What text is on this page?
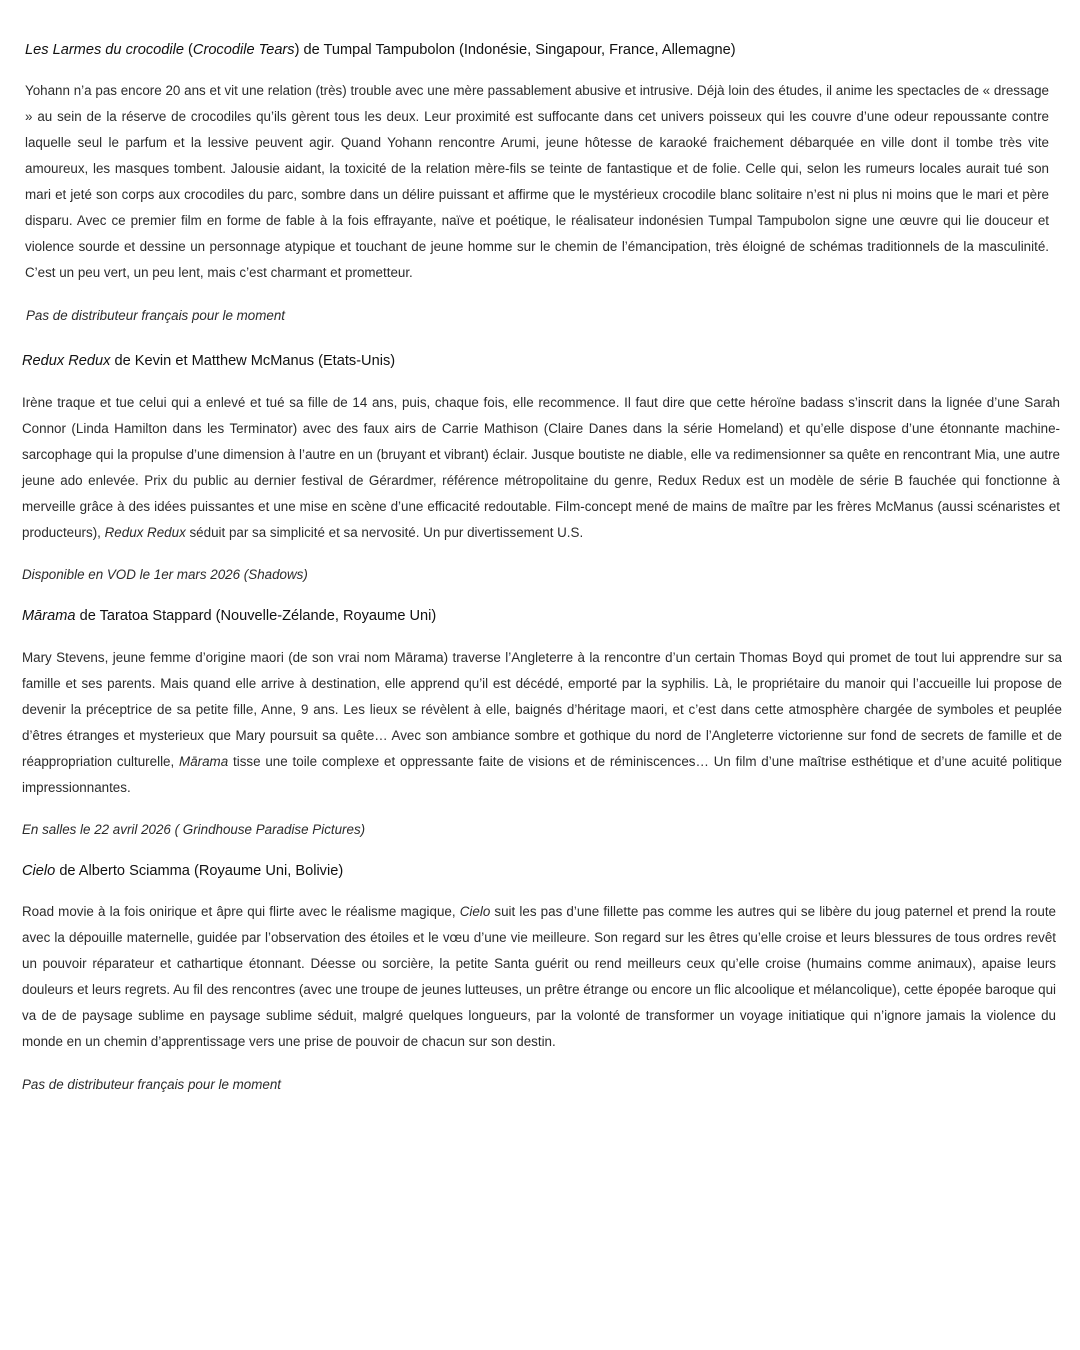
Les Larmes du crocodile (Crocodile Tears) de Tumpal Tampubolon (Indonésie, Singapour, France, Allemagne)

Yohann n’a pas encore 20 ans et vit une relation (très) trouble avec une mère passablement abusive et intrusive. Déjà loin des études, il anime les spectacles de « dressage » au sein de la réserve de crocodiles qu’ils gèrent tous les deux. Leur proximité est suffocante dans cet univers poisseux qui les couvre d’une odeur repoussante contre laquelle seul le parfum et la lessive peuvent agir. Quand Yohann rencontre Arumi, jeune hôtesse de karaoké fraichement débarquée en ville dont il tombe très vite amoureux, les masques tombent. Jalousie aidant, la toxicité de la relation mère-fils se teinte de fantastique et de folie. Celle qui, selon les rumeurs locales aurait tué son mari et jeté son corps aux crocodiles du parc, sombre dans un délire puissant et affirme que le mystérieux crocodile blanc solitaire n’est ni plus ni moins que le mari et père disparu. Avec ce premier film en forme de fable à la fois effrayante, naïve et poétique, le réalisateur indonésien Tumpal Tampubolon signe une œuvre qui lie douceur et violence sourde et dessine un personnage atypique et touchant de jeune homme sur le chemin de l’émancipation, très éloigné de schémas traditionnels de la masculinité. C’est un peu vert, un peu lent, mais c’est charmant et prometteur.

Pas de distributeur français pour le moment

Redux Redux de Kevin et Matthew McManus (Etats-Unis)

Irène traque et tue celui qui a enlevé et tué sa fille de 14 ans, puis, chaque fois, elle recommence. Il faut dire que cette héroïne badass s’inscrit dans la lignée d’une Sarah Connor (Linda Hamilton dans les Terminator) avec des faux airs de Carrie Mathison (Claire Danes dans la série Homeland) et qu’elle dispose d’une étonnante machine-sarcophage qui la propulse d’une dimension à l’autre en un (bruyant et vibrant) éclair. Jusque boutiste ne diable, elle va redimensionner sa quête en rencontrant Mia, une autre jeune ado enlevée. Prix du public au dernier festival de Gérardmer, référence métropolitaine du genre, Redux Redux est un modèle de série B fauchée qui fonctionne à merveille grâce à des idées puissantes et une mise en scène d’une efficacité redoutable. Film-concept mené de mains de maître par les frères McManus (aussi scénaristes et producteurs), Redux Redux séduit par sa simplicité et sa nervosité. Un pur divertissement U.S.

Disponible en VOD le 1er mars 2026 (Shadows)

Mārama de Taratoa Stappard (Nouvelle-Zélande, Royaume Uni)

Mary Stevens, jeune femme d’origine maori (de son vrai nom Mārama) traverse l’Angleterre à la rencontre d’un certain Thomas Boyd qui promet de tout lui apprendre sur sa famille et ses parents. Mais quand elle arrive à destination, elle apprend qu’il est décédé, emporté par la syphilis. Là, le propriétaire du manoir qui l’accueille lui propose de devenir la préceptrice de sa petite fille, Anne, 9 ans. Les lieux se révèlent à elle, baignés d’héritage maori, et c’est dans cette atmosphère chargée de symboles et peuplée d’êtres étranges et mysterieux que Mary poursuit sa quête… Avec son ambiance sombre et gothique du nord de l’Angleterre victorienne sur fond de secrets de famille et de réappropriation culturelle, Mārama tisse une toile complexe et oppressante faite de visions et de réminiscences… Un film d’une maîtrise esthétique et d’une acuité politique impressionnantes.

En salles le 22 avril 2026 ( Grindhouse Paradise Pictures)

Cielo de Alberto Sciamma (Royaume Uni, Bolivie)

Road movie à la fois onirique et âpre qui flirte avec le réalisme magique, Cielo suit les pas d’une fillette pas comme les autres qui se libère du joug paternel et prend la route avec la dépouille maternelle, guidée par l’observation des étoiles et le vœu d’une vie meilleure. Son regard sur les êtres qu’elle croise et leurs blessures de tous ordres revêt un pouvoir réparateur et cathartique étonnant. Déesse ou sorcière, la petite Santa guérit ou rend meilleurs ceux qu’elle croise (humains comme animaux), apaise leurs douleurs et leurs regrets. Au fil des rencontres (avec une troupe de jeunes lutteuses, un prêtre étrange ou encore un flic alcoolique et mélancolique), cette épopée baroque qui va de de paysage sublime en paysage sublime séduit, malgré quelques longueurs, par la volonté de transformer un voyage initiatique qui n’ignore jamais la violence du monde en un chemin d’apprentissage vers une prise de pouvoir de chacun sur son destin.

Pas de distributeur français pour le moment
